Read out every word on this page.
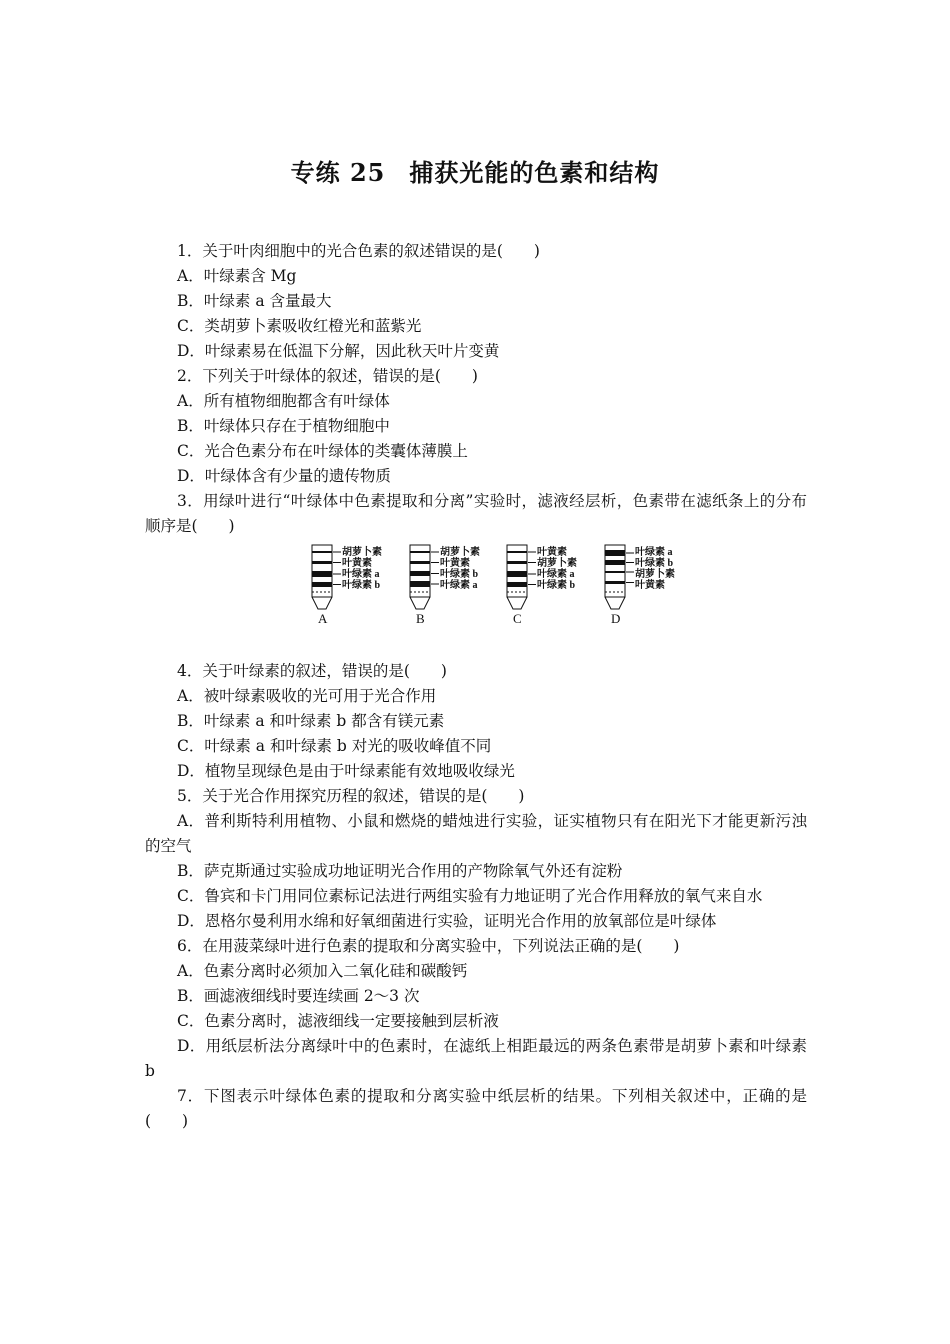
专练 25 捕获光能的色素和结构
1．关于叶肉细胞中的光合色素的叙述错误的是(　　)
A．叶绿素含 Mg
B．叶绿素 a 含量最大
C．类胡萝卜素吸收红橙光和蓝紫光
D．叶绿素易在低温下分解，因此秋天叶片变黄
2．下列关于叶绿体的叙述，错误的是(　　)
A．所有植物细胞都含有叶绿体
B．叶绿体只存在于植物细胞中
C．光合色素分布在叶绿体的类囊体薄膜上
D．叶绿体含有少量的遗传物质
3．用绿叶进行“叶绿体中色素提取和分离”实验时，滤液经层析，色素带在滤纸条上的分布顺序是(　　)
胡萝卜素
叶黄素
叶绿素 a
叶绿素 b
A
胡萝卜素
叶黄素
叶绿素 b
叶绿素 a
B
叶黄素
胡萝卜素
叶绿素 a
叶绿素 b
C
叶绿素 a
叶绿素 b
胡萝卜素
叶黄素
D
4．关于叶绿素的叙述，错误的是(　　)
A．被叶绿素吸收的光可用于光合作用
B．叶绿素 a 和叶绿素 b 都含有镁元素
C．叶绿素 a 和叶绿素 b 对光的吸收峰值不同
D．植物呈现绿色是由于叶绿素能有效地吸收绿光
5．关于光合作用探究历程的叙述，错误的是(　　)
A．普利斯特利用植物、小鼠和燃烧的蜡烛进行实验，证实植物只有在阳光下才能更新污浊的空气
B．萨克斯通过实验成功地证明光合作用的产物除氧气外还有淀粉
C．鲁宾和卡门用同位素标记法进行两组实验有力地证明了光合作用释放的氧气来自水
D．恩格尔曼利用水绵和好氧细菌进行实验，证明光合作用的放氧部位是叶绿体
6．在用菠菜绿叶进行色素的提取和分离实验中，下列说法正确的是(　　)
A．色素分离时必须加入二氧化硅和碳酸钙
B．画滤液细线时要连续画 2～3 次
C．色素分离时，滤液细线一定要接触到层析液
D．用纸层析法分离绿叶中的色素时，在滤纸上相距最远的两条色素带是胡萝卜素和叶绿素 b
7．下图表示叶绿体色素的提取和分离实验中纸层析的结果。下列相关叙述中，正确的是(　　)
